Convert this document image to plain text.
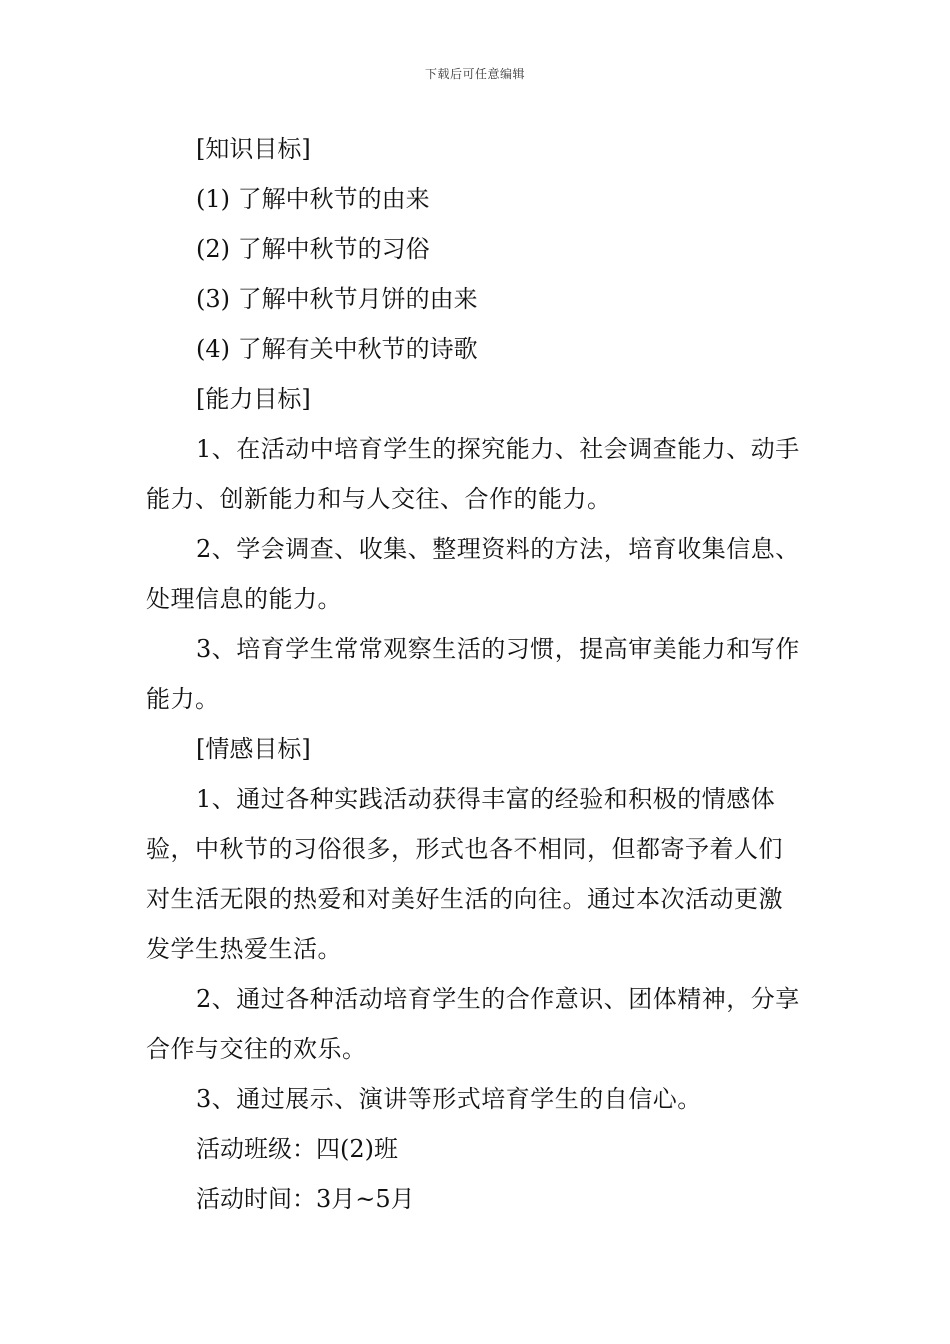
下载后可任意编辑
[知识目标]
(1) 了解中秋节的由来
(2) 了解中秋节的习俗
(3) 了解中秋节月饼的由来
(4) 了解有关中秋节的诗歌
[能力目标]
1、在活动中培育学生的探究能力、社会调查能力、动手能力、创新能力和与人交往、合作的能力。
2、学会调查、收集、整理资料的方法，培育收集信息、处理信息的能力。
3、培育学生常常观察生活的习惯，提高审美能力和写作能力。
[情感目标]
1、通过各种实践活动获得丰富的经验和积极的情感体验，中秋节的习俗很多，形式也各不相同，但都寄予着人们对生活无限的热爱和对美好生活的向往。通过本次活动更激发学生热爱生活。
2、通过各种活动培育学生的合作意识、团体精神，分享合作与交往的欢乐。
3、通过展示、演讲等形式培育学生的自信心。
活动班级：四(2)班
活动时间：3月~5月
